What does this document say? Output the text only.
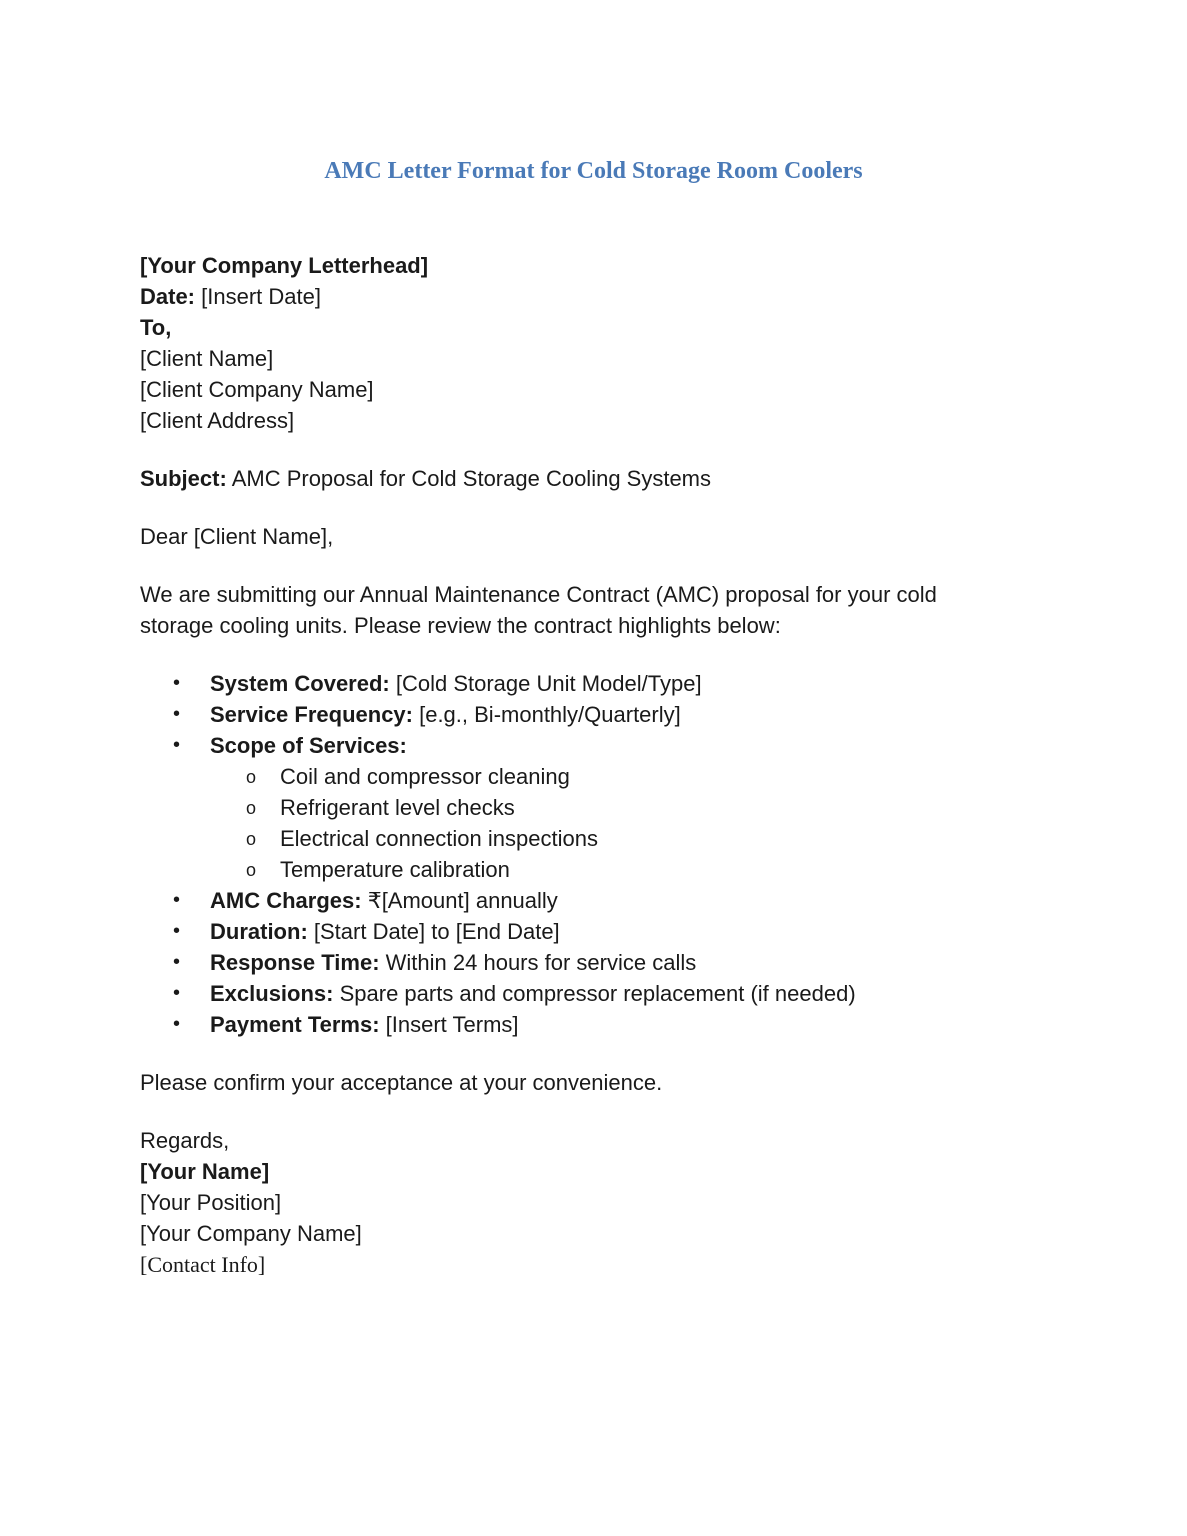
AMC Letter Format for Cold Storage Room Coolers
[Your Company Letterhead]
Date: [Insert Date]
To,
[Client Name]
[Client Company Name]
[Client Address]
Subject: AMC Proposal for Cold Storage Cooling Systems
Dear [Client Name],
We are submitting our Annual Maintenance Contract (AMC) proposal for your cold
storage cooling units. Please review the contract highlights below:
• System Covered: [Cold Storage Unit Model/Type]
• Service Frequency: [e.g., Bi-monthly/Quarterly]
• Scope of Services:
o Coil and compressor cleaning
o Refrigerant level checks
o Electrical connection inspections
o Temperature calibration
• AMC Charges: ₹[Amount] annually
• Duration: [Start Date] to [End Date]
• Response Time: Within 24 hours for service calls
• Exclusions: Spare parts and compressor replacement (if needed)
• Payment Terms: [Insert Terms]
Please confirm your acceptance at your convenience.
Regards,
[Your Name]
[Your Position]
[Your Company Name]
[Contact Info]
